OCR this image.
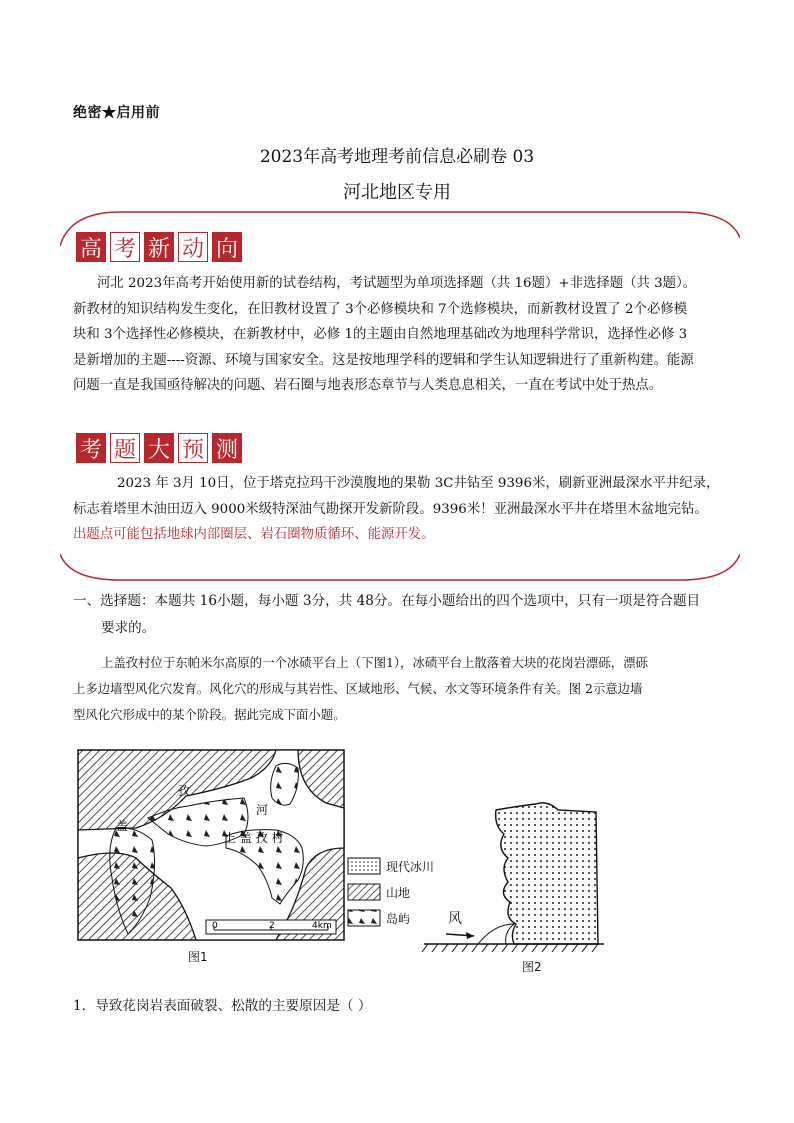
绝密★启用前
2023年高考地理考前信息必刷卷 03
河北地区专用
高 考 新 动 向
河北 2023年高考开始使用新的试卷结构，考试题型为单项选择题（共 16题）+非选择题（共 3题）。
新教材的知识结构发生变化，在旧教材设置了 3个必修模块和 7个选修模块，而新教材设置了 2个必修模
块和 3个选择性必修模块，在新教材中，必修 1的主题由自然地理基础改为地理科学常识，选择性必修 3
是新增加的主题----资源、环境与国家安全。这是按地理学科的逻辑和学生认知逻辑进行了重新构建。能源
问题一直是我国亟待解决的问题、岩石圈与地表形态章节与人类息息相关，一直在考试中处于热点。
考 题 大 预 测
2023 年 3月 10日，位于塔克拉玛干沙漠腹地的果勒 3C井钻至 9396米，刷新亚洲最深水平井纪录，
标志着塔里木油田迈入 9000米级特深油气勘探开发新阶段。9396米！亚洲最深水平井在塔里木盆地完钻。
出题点可能包括地球内部圈层、岩石圈物质循环、能源开发。
一、选择题：本题共 16小题，每小题 3分，共 48分。在每小题给出的四个选项中，只有一项是符合题目
要求的。
上盖孜村位于东帕米尔高原的一个冰碛平台上（下图1），冰碛平台上散落着大块的花岗岩漂砾，漂砾
上多边墙型风化穴发育。风化穴的形成与其岩性、区域地形、气候、水文等环境条件有关。图 2示意边墙
型风化穴形成中的某个阶段。据此完成下面小题。
孜
河
盖
上 盖 孜 村
0	2	4km
图1
现代冰川
山地
岛屿	风
图2
1．导致花岗岩表面破裂、松散的主要原因是（ ）
